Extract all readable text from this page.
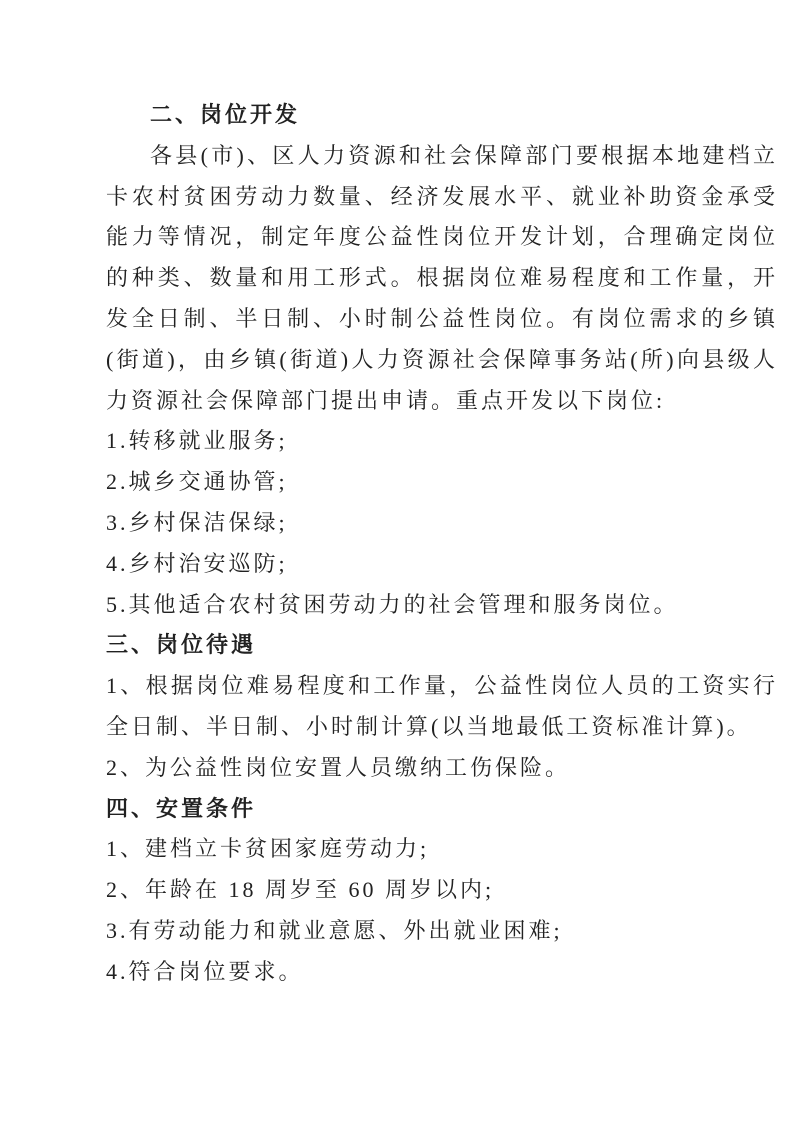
二、岗位开发

各县(市)、区人力资源和社会保障部门要根据本地建档立卡农村贫困劳动力数量、经济发展水平、就业补助资金承受能力等情况，制定年度公益性岗位开发计划，合理确定岗位的种类、数量和用工形式。根据岗位难易程度和工作量，开发全日制、半日制、小时制公益性岗位。有岗位需求的乡镇(街道)，由乡镇(街道)人力资源社会保障事务站(所)向县级人力资源社会保障部门提出申请。重点开发以下岗位:

1.转移就业服务;

2.城乡交通协管;

3.乡村保洁保绿;

4.乡村治安巡防;

5.其他适合农村贫困劳动力的社会管理和服务岗位。

三、岗位待遇

1、根据岗位难易程度和工作量，公益性岗位人员的工资实行全日制、半日制、小时制计算(以当地最低工资标准计算)。

2、为公益性岗位安置人员缴纳工伤保险。

四、安置条件

1、建档立卡贫困家庭劳动力;

2、年龄在 18 周岁至 60 周岁以内;

3.有劳动能力和就业意愿、外出就业困难;

4.符合岗位要求。
